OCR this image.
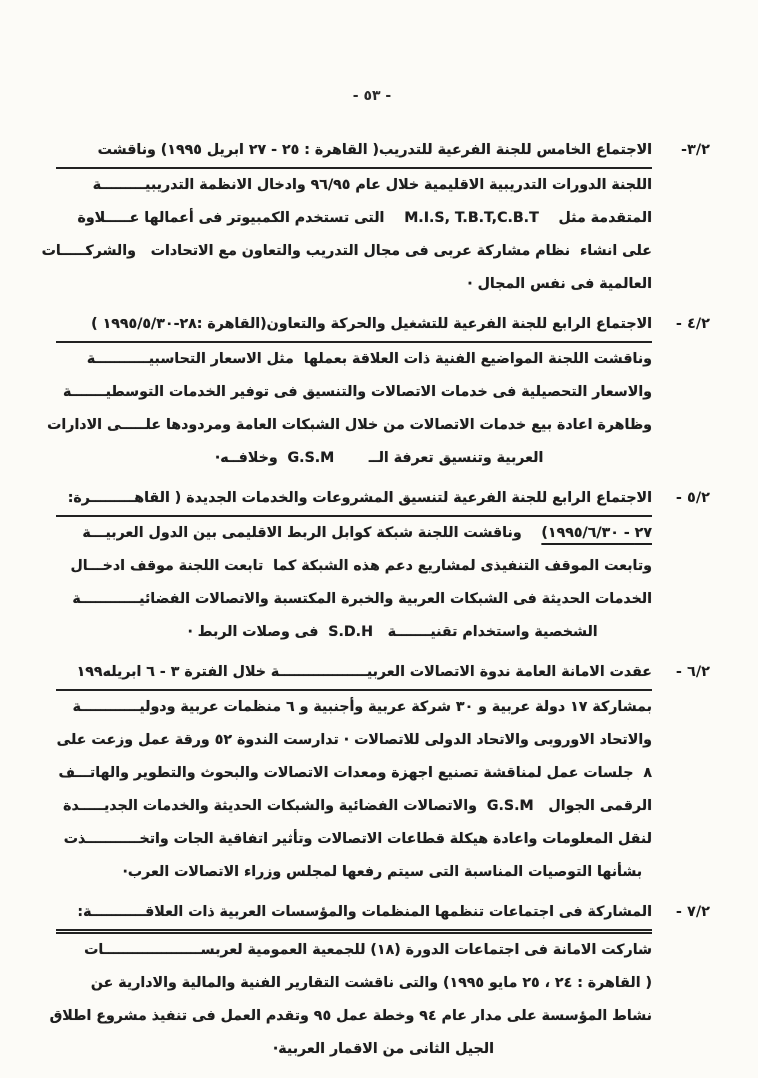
- ٥٣ -
٣/٢-
الاجتماع الخامس للجنة الفرعية للتدريب( القاهرة : ٢٥ - ٢٧ ابريل ١٩٩٥) وناقشت
اللجنة الدورات التدريبية الاقليمية خلال عام ٩٦/٩٥ وادخال الانظمة التدريبيـــــــــة
المتقدمة مثل    M.I.S, T.B.T,C.B.T    التى تستخدم الكمبيوتر فى أعمالها عـــــلاوة
على انشاء  نظام مشاركة عربى فى مجال التدريب والتعاون مع الاتحادات   والشركـــــات
العالمية فى نفس المجال ·
٤/٢ -
الاجتماع الرابع للجنة الفرعية للتشغيل والحركة والتعاون(القاهرة :٢٨-١٩٩٥/٥/٣٠ )
وناقشت اللجنة المواضيع الفنية ذات العلاقة بعملها  مثل الاسعار التحاسبيـــــــــــة
والاسعار التحصيلية فى خدمات الاتصالات والتنسيق فى توفير الخدمات التوسطيـــــــة
وظاهرة اعادة بيع خدمات الاتصالات من خلال الشبكات العامة ومردودها علـــــى الادارات
العربية وتنسيق تعرفة الــ       G.S.M  وخلافــه·
٥/٢ -
الاجتماع الرابع للجنة الفرعية لتنسيق المشروعات والخدمات الجديدة ( القاهـــــــــرة:
٢٧ - ١٩٩٥/٦/٣٠)    وناقشت اللجنة شبكة كوابل الربط الاقليمى بين الدول العربيـــة
وتابعت الموقف التنفيذى لمشاريع دعم هذه الشبكة كما  تابعت اللجنة موقف ادخـــال
الخدمات الحديثة فى الشبكات العربية والخبرة المكتسبة والاتصالات الفضائيــــــــــــة
الشخصية واستخدام تقنيـــــــة   S.D.H  فى وصلات الربط ·
٦/٢ -
عقدت الامانة العامة ندوة الاتصالات العربيــــــــــــــــــة خلال الفترة ٣ - ٦ ابريله١٩٩
بمشاركة ١٧ دولة عربية و ٣٠ شركة عربية وأجنبية و ٦ منظمات عربية ودوليــــــــــــة
والاتحاد الاوروبى والاتحاد الدولى للاتصالات · تدارست الندوة ٥٢ ورقة عمل وزعت على
٨  جلسات عمل لمناقشة تصنيع اجهزة ومعدات الاتصالات والبحوث والتطوير والهاتـــف
الرقمى الجوال   G.S.M  والاتصالات الفضائية والشبكات الحديثة والخدمات الجديـــــدة
لنقل المعلومات واعادة هيكلة قطاعات الاتصالات وتأثير اتفاقية الجات واتخـــــــــــذت
بشأنها التوصيات المناسبة التى سيتم رفعها لمجلس وزراء الاتصالات العرب·
٧/٢ -
المشاركة فى اجتماعات تنظمها المنظمات والمؤسسات العربية ذات العلاقـــــــــــة:
شاركت الامانة فى اجتماعات الدورة (١٨) للجمعية العمومية لعربســــــــــــــــــــات
( القاهرة : ٢٤ ، ٢٥ مايو ١٩٩٥) والتى ناقشت التقارير الفنية والمالية والادارية عن
نشاط المؤسسة على مدار عام ٩٤ وخطة عمل ٩٥ وتقدم العمل فى تنفيذ مشروع اطلاق
الجيل الثانى من الاقمار العربية·
